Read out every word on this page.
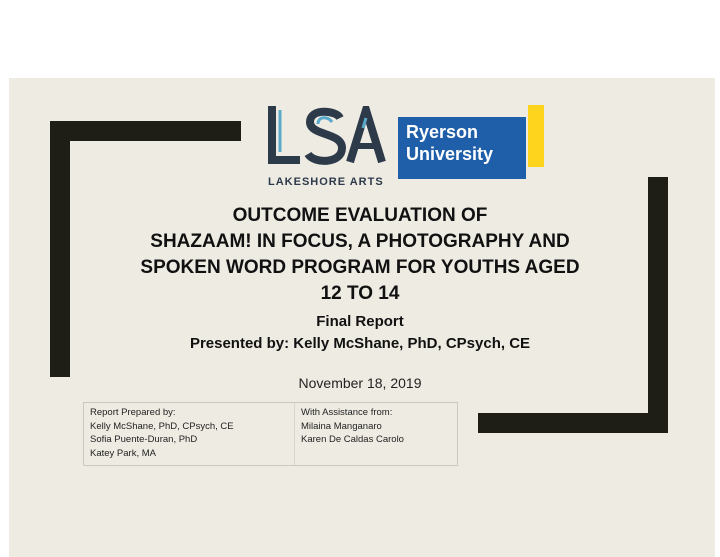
LAKESHORE ARTS
Ryerson
University
OUTCOME EVALUATION OF
SHAZAAM! IN FOCUS, A PHOTOGRAPHY AND
SPOKEN WORD PROGRAM FOR YOUTHS AGED
12 TO 14
Final Report
Presented by: Kelly McShane, PhD, CPsych, CE
November 18, 2019
Report Prepared by:
Kelly McShane, PhD, CPsych, CE
Sofia Puente-Duran, PhD
Katey Park, MA
With Assistance from:
Milaina Manganaro
Karen De Caldas Carolo
